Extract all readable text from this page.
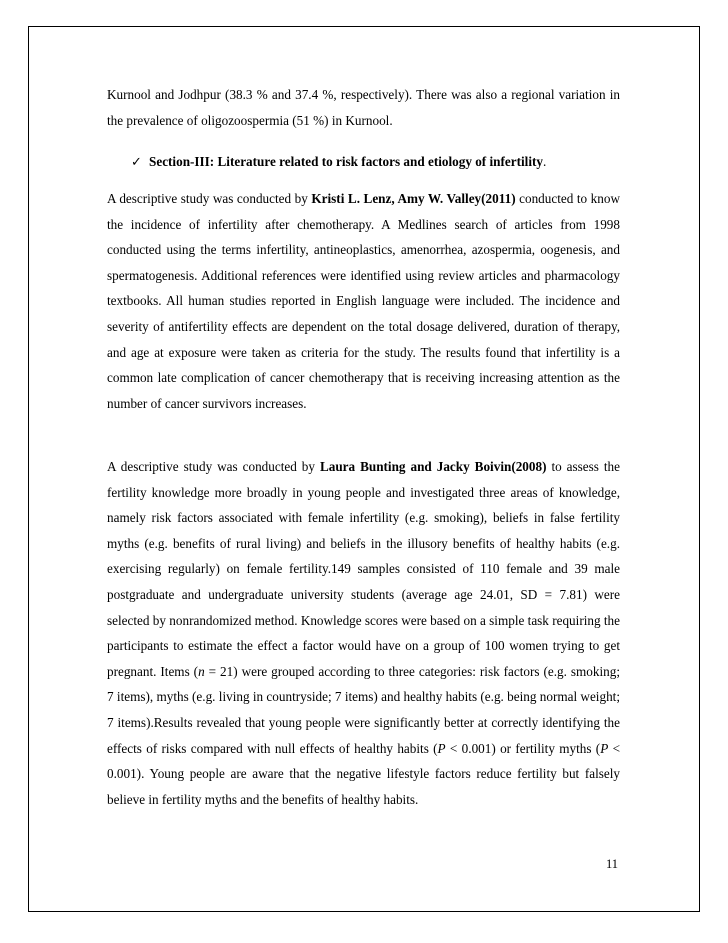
Kurnool and Jodhpur (38.3 % and 37.4 %, respectively). There was also a regional variation in the prevalence of oligozoospermia (51 %) in Kurnool.

✓ Section-III: Literature related to risk factors and etiology of infertility.

A descriptive study was conducted by Kristi L. Lenz, Amy W. Valley(2011) conducted to know the incidence of infertility after chemotherapy. A Medlines search of articles from 1998 conducted using the terms infertility, antineoplastics, amenorrhea, azospermia, oogenesis, and spermatogenesis. Additional references were identified using review articles and pharmacology textbooks. All human studies reported in English language were included. The incidence and severity of antifertility effects are dependent on the total dosage delivered, duration of therapy, and age at exposure were taken as criteria for the study. The results found that infertility is a common late complication of cancer chemotherapy that is receiving increasing attention as the number of cancer survivors increases.

A descriptive study was conducted by Laura Bunting and Jacky Boivin(2008) to assess the fertility knowledge more broadly in young people and investigated three areas of knowledge, namely risk factors associated with female infertility (e.g. smoking), beliefs in false fertility myths (e.g. benefits of rural living) and beliefs in the illusory benefits of healthy habits (e.g. exercising regularly) on female fertility.149 samples consisted of 110 female and 39 male postgraduate and undergraduate university students (average age 24.01, SD = 7.81) were selected by nonrandomized method. Knowledge scores were based on a simple task requiring the participants to estimate the effect a factor would have on a group of 100 women trying to get pregnant. Items (n = 21) were grouped according to three categories: risk factors (e.g. smoking; 7 items), myths (e.g. living in countryside; 7 items) and healthy habits (e.g. being normal weight; 7 items).Results revealed that young people were significantly better at correctly identifying the effects of risks compared with null effects of healthy habits (P < 0.001) or fertility myths (P < 0.001). Young people are aware that the negative lifestyle factors reduce fertility but falsely believe in fertility myths and the benefits of healthy habits.

11
